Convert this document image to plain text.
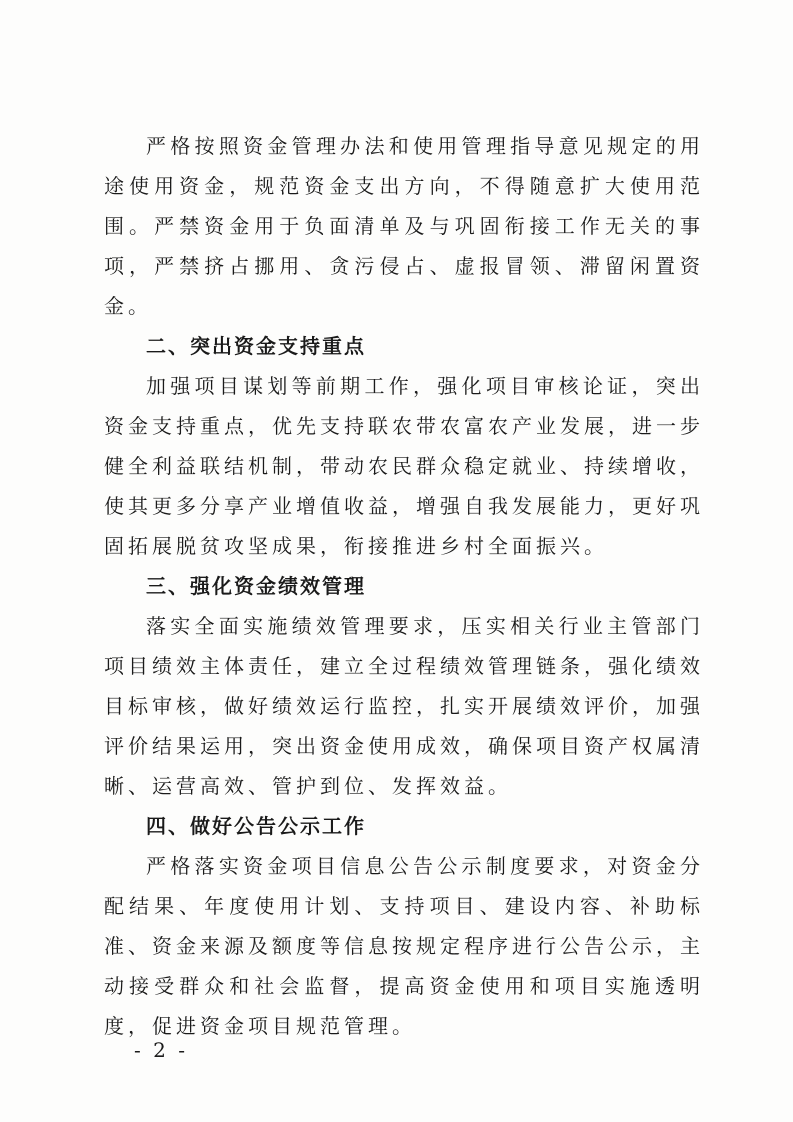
严格按照资金管理办法和使用管理指导意见规定的用途使用资金，规范资金支出方向，不得随意扩大使用范围。严禁资金用于负面清单及与巩固衔接工作无关的事项，严禁挤占挪用、贪污侵占、虚报冒领、滞留闲置资金。

二、突出资金支持重点

加强项目谋划等前期工作，强化项目审核论证，突出资金支持重点，优先支持联农带农富农产业发展，进一步健全利益联结机制，带动农民群众稳定就业、持续增收，使其更多分享产业增值收益，增强自我发展能力，更好巩固拓展脱贫攻坚成果，衔接推进乡村全面振兴。

三、强化资金绩效管理

落实全面实施绩效管理要求，压实相关行业主管部门项目绩效主体责任，建立全过程绩效管理链条，强化绩效目标审核，做好绩效运行监控，扎实开展绩效评价，加强评价结果运用，突出资金使用成效，确保项目资产权属清晰、运营高效、管护到位、发挥效益。

四、做好公告公示工作

严格落实资金项目信息公告公示制度要求，对资金分配结果、年度使用计划、支持项目、建设内容、补助标准、资金来源及额度等信息按规定程序进行公告公示，主动接受群众和社会监督，提高资金使用和项目实施透明度，促进资金项目规范管理。

- 2 -
